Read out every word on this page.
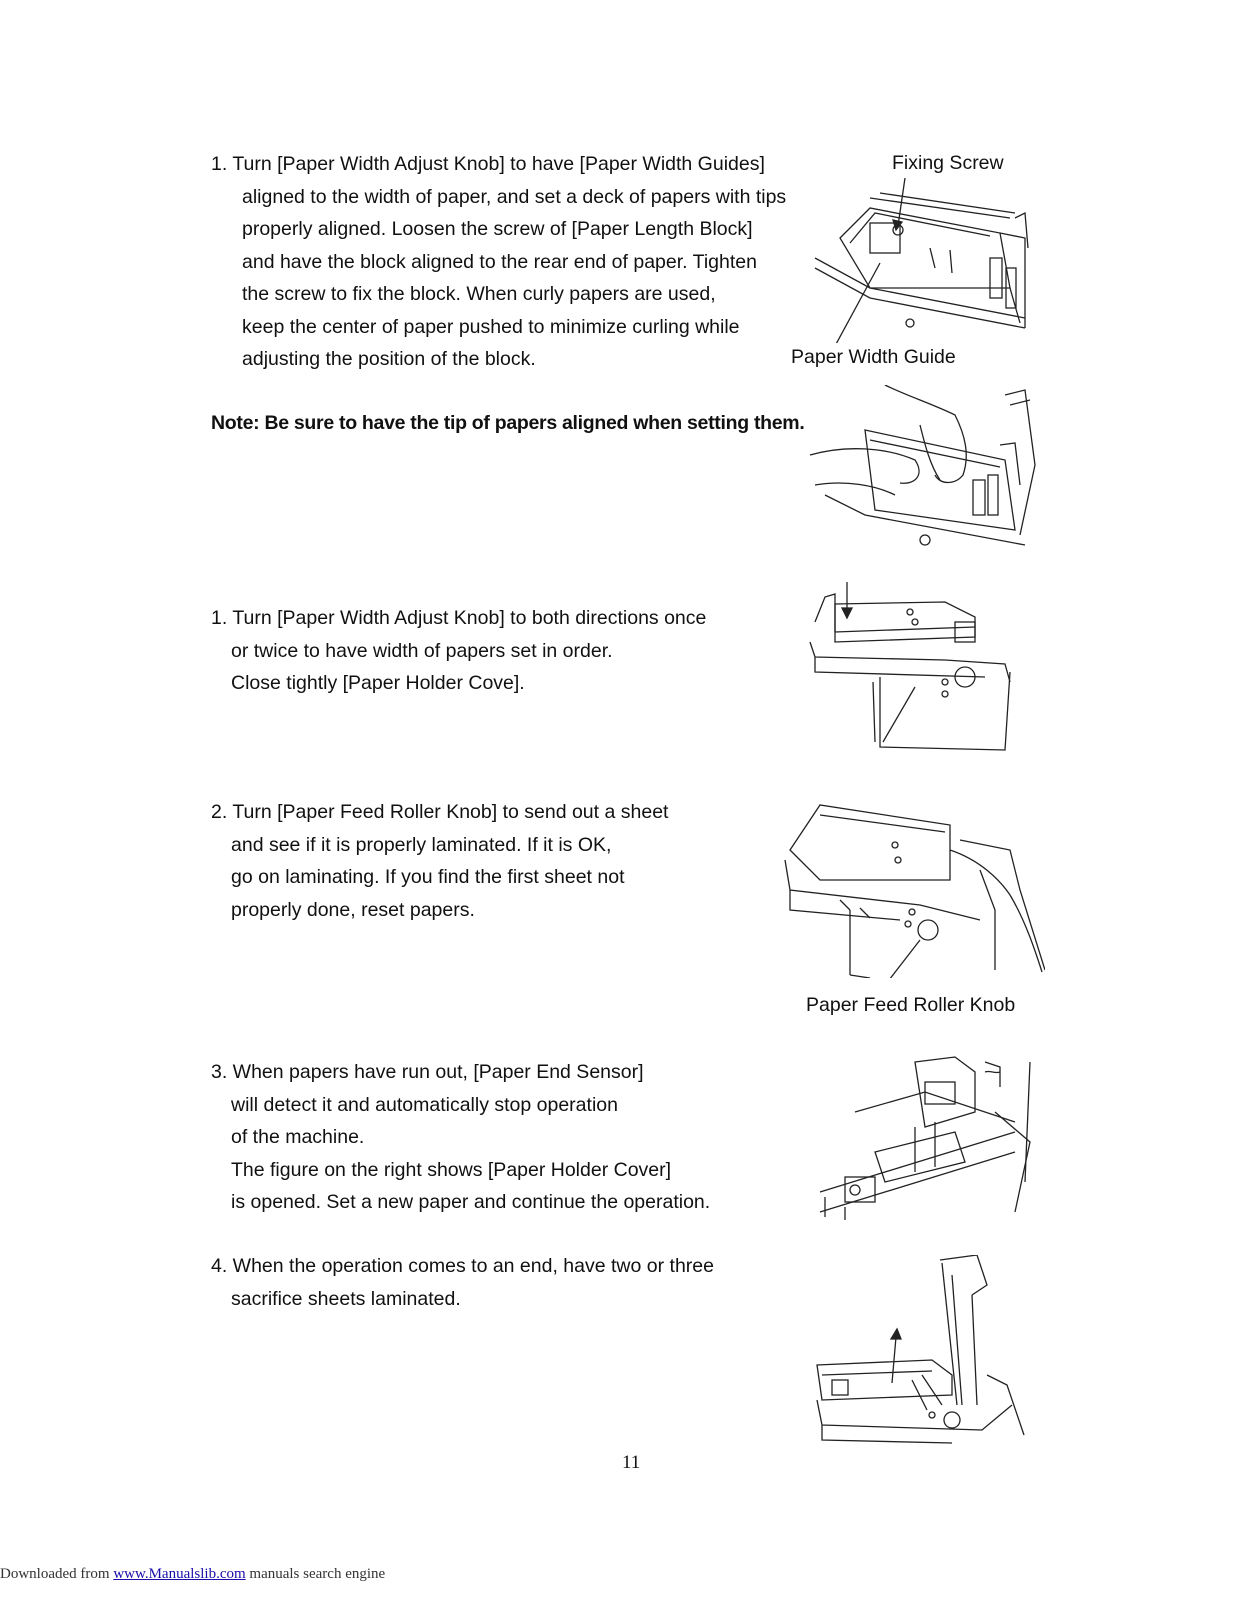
1. Turn [Paper Width Adjust Knob] to have [Paper Width Guides]
aligned to the width of paper, and set a deck of papers with tips
properly aligned. Loosen the screw of [Paper Length Block]
and have the block aligned to the rear end of paper. Tighten
the screw to fix the block. When curly papers are used,
keep the center of paper pushed to minimize curling while
adjusting the position of the block.
Fixing Screw
Paper Width Guide
Note: Be sure to have the tip of papers aligned when setting them.
1. Turn [Paper Width Adjust Knob] to both directions once
or twice to have width of papers set in order.
Close tightly [Paper Holder Cove].
2. Turn [Paper Feed Roller Knob] to send out a sheet
and see if it is properly laminated. If it is OK,
go on laminating. If you find the first sheet not
properly done, reset papers.
Paper Feed Roller Knob
3. When papers have run out, [Paper End Sensor]
will detect it and automatically stop operation
of the machine.
The figure on the right shows [Paper Holder Cover]
is opened. Set a new paper and continue the operation.
4. When the operation comes to an end, have two or three
sacrifice sheets laminated.
11
Downloaded from www.Manualslib.com manuals search engine
